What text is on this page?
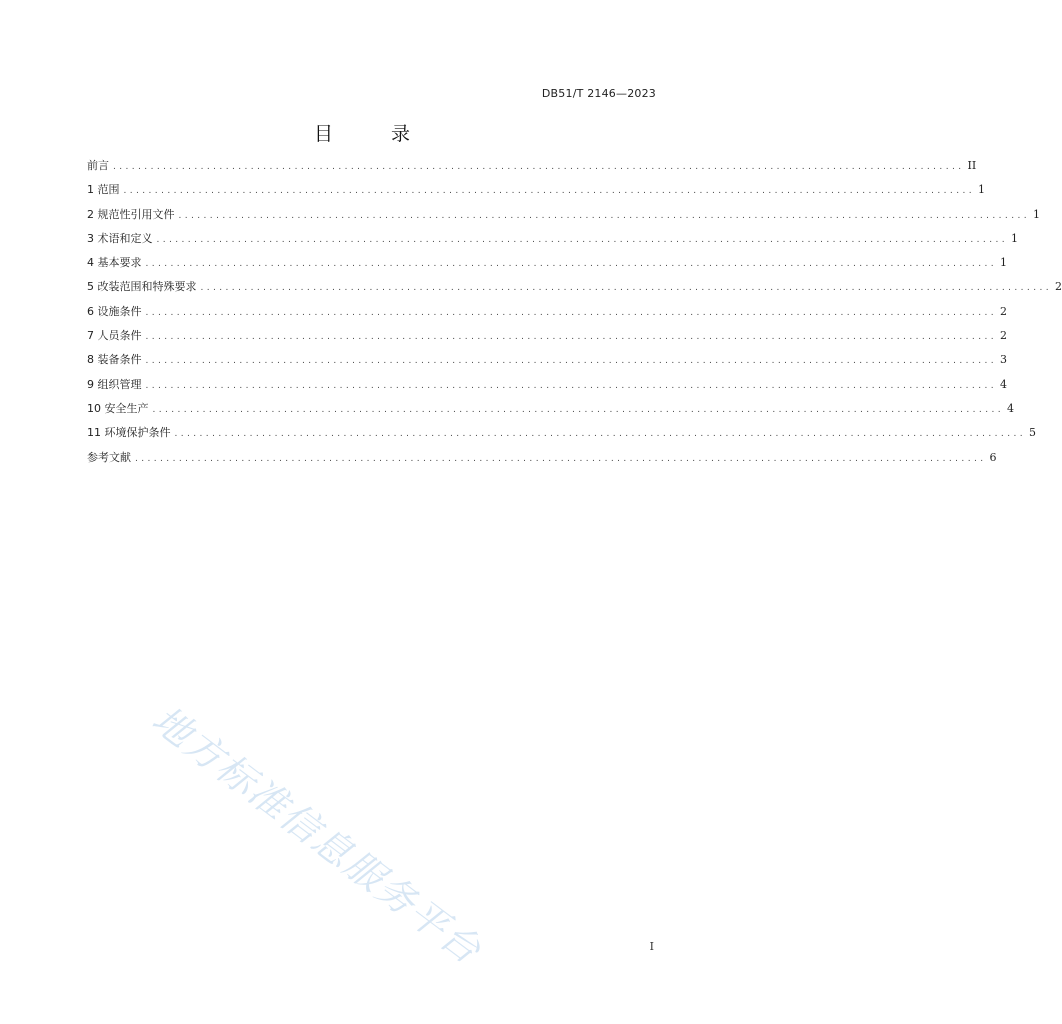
DB51/T 2146—2023
目 录
前言 ........................................................................................................................................ II
1 范围 ........................................................................................................................................ 1
2 规范性引用文件 ........................................................................................................................................ 1
3 术语和定义 ........................................................................................................................................ 1
4 基本要求 ........................................................................................................................................ 1
5 改装范围和特殊要求 ........................................................................................................................................ 2
6 设施条件 ........................................................................................................................................ 2
7 人员条件 ........................................................................................................................................ 2
8 装备条件 ........................................................................................................................................ 3
9 组织管理 ........................................................................................................................................ 4
10 安全生产 ........................................................................................................................................ 4
11 环境保护条件 ........................................................................................................................................ 5
参考文献 ........................................................................................................................................ 6
地方标准信息服务平台	I
